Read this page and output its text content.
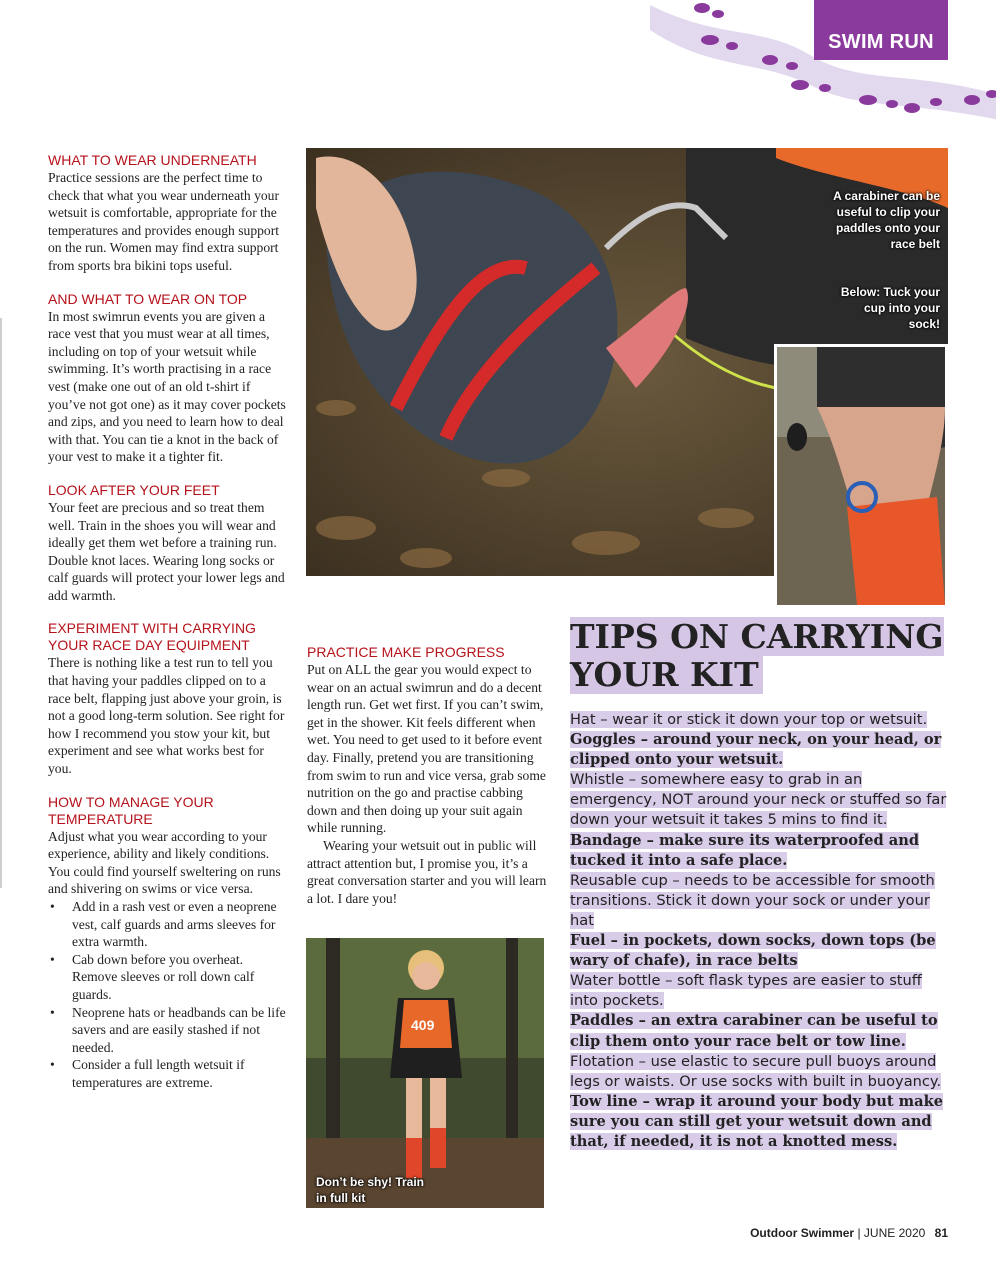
SWIM RUN
WHAT TO WEAR UNDERNEATH

Practice sessions are the perfect time to check that what you wear underneath your wetsuit is comfortable, appropriate for the temperatures and provides enough support on the run. Women may find extra support from sports bra bikini tops useful.

AND WHAT TO WEAR ON TOP

In most swimrun events you are given a race vest that you must wear at all times, including on top of your wetsuit while swimming. It’s worth practising in a race vest (make one out of an old t-shirt if you’ve not got one) as it may cover pockets and zips, and you need to learn how to deal with that. You can tie a knot in the back of your vest to make it a tighter fit.

LOOK AFTER YOUR FEET

Your feet are precious and so treat them well. Train in the shoes you will wear and ideally get them wet before a training run. Double knot laces. Wearing long socks or calf guards will protect your lower legs and add warmth.

EXPERIMENT WITH CARRYING YOUR RACE DAY EQUIPMENT

There is nothing like a test run to tell you that having your paddles clipped on to a race belt, flapping just above your groin, is not a good long-term solution. See right for how I recommend you stow your kit, but experiment and see what works best for you.

HOW TO MANAGE YOUR TEMPERATURE

Adjust what you wear according to your experience, ability and likely conditions. You could find yourself sweltering on runs and shivering on swims or vice versa.

• Add in a rash vest or even a neoprene vest, calf guards and arms sleeves for extra warmth.
• Cab down before you overheat. Remove sleeves or roll down calf guards.
• Neoprene hats or headbands can be life savers and are easily stashed if not needed.
• Consider a full length wetsuit if temperatures are extreme.
A carabiner can be useful to clip your paddles onto your race belt
Below: Tuck your cup into your sock!
PRACTICE MAKE PROGRESS

Put on ALL the gear you would expect to wear on an actual swimrun and do a decent length run. Get wet first. If you can’t swim, get in the shower. Kit feels different when wet. You need to get used to it before event day. Finally, pretend you are transitioning from swim to run and vice versa, grab some nutrition on the go and practise cabbing down and then doing up your suit again while running.

Wearing your wetsuit out in public will attract attention but, I promise you, it’s a great conversation starter and you will learn a lot. I dare you!

409
Don’t be shy! Train in full kit
TIPS ON CARRYING YOUR KIT

Hat – wear it or stick it down your top or wetsuit.

Goggles – around your neck, on your head, or clipped onto your wetsuit.

Whistle – somewhere easy to grab in an emergency, NOT around your neck or stuffed so far down your wetsuit it takes 5 mins to find it.

Bandage – make sure its waterproofed and tucked it into a safe place.

Reusable cup – needs to be accessible for smooth transitions. Stick it down your sock or under your hat

Fuel – in pockets, down socks, down tops (be wary of chafe), in race belts

Water bottle – soft flask types are easier to stuff into pockets.

Paddles – an extra carabiner can be useful to clip them onto your race belt or tow line.

Flotation – use elastic to secure pull buoys around legs or waists. Or use socks with built in buoyancy.

Tow line – wrap it around your body but make sure you can still get your wetsuit down and that, if needed, it is not a knotted mess.

Outdoor Swimmer | JUNE 2020 81
